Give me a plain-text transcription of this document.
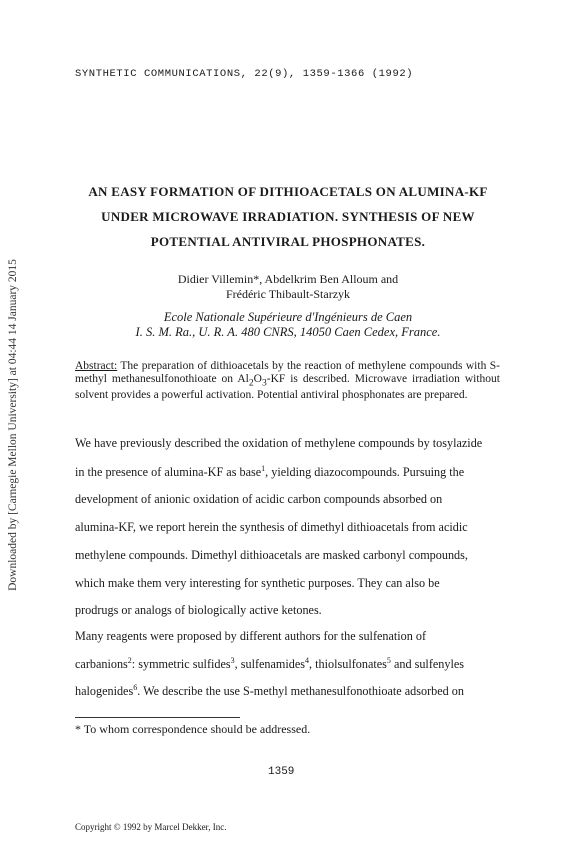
SYNTHETIC COMMUNICATIONS, 22(9), 1359-1366 (1992)
AN EASY FORMATION OF DITHIOACETALS ON ALUMINA-KF
UNDER MICROWAVE IRRADIATION. SYNTHESIS OF NEW
POTENTIAL ANTIVIRAL PHOSPHONATES.
Didier Villemin*, Abdelkrim Ben Alloum and
Frédéric Thibault-Starzyk
Ecole Nationale Supérieure d'Ingénieurs de Caen
I. S. M. Ra., U. R. A. 480 CNRS, 14050 Caen Cedex, France.
Downloaded by [Carnegie Mellon University] at 04:44 14 January 2015	Abstract: The preparation of dithioacetals by the reaction of methylene compounds with S-methyl methanesulfonothioate on $Al_2O_3-KF$ is described. Microwave irradiation without solvent provides a powerful activation. Potential antiviral phosphonates are prepared.
We have previously described the oxidation of methylene compounds by tosylazide
in the presence of alumina-KF as base$^1$, yielding diazocompounds. Pursuing the
development of anionic oxidation of acidic carbon compounds absorbed on
alumina-KF, we report herein the synthesis of dimethyl dithioacetals from acidic
methylene compounds. Dimethyl dithioacetals are masked carbonyl compounds,
which make them very interesting for synthetic purposes. They can also be
prodrugs or analogs of biologically active ketones.
Many reagents were proposed by different authors for the sulfenation of
carbanions$^2$: symmetric sulfides$^3$, sulfenamides$^4$, thiolsulfonates$^5$ and sulfenyles
halogenides$^6$. We describe the use S-methyl methanesulfonothioate adsorbed on
* To whom correspondence should be addressed.
1359
Copyright © 1992 by Marcel Dekker, Inc.
